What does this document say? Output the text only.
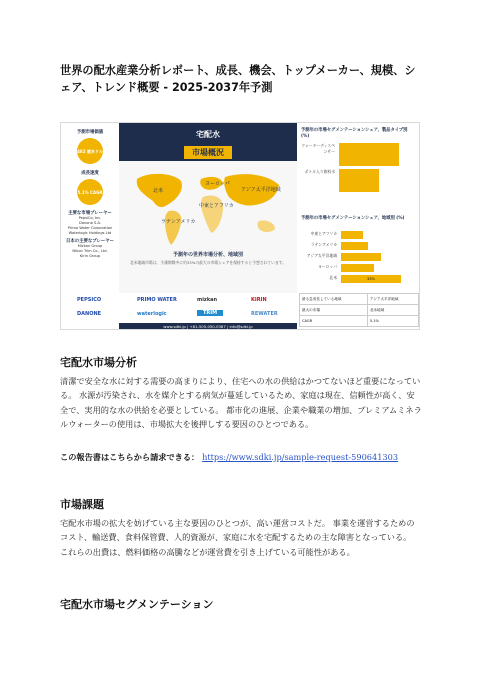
世界の配水産業分析レポート、成長、機会、トップメーカー、規模、シェア、トレンド概要 - 2025-2037年予測
予測市場価値
482 億米ドル
成長速度
5.1% CAGR
主要な市場プレーヤー
PepsiCo, Inc.
Danone S.A.
Primo Water Corporation
Waterlogic Holdings Ltd
日本の主要なプレーヤー
Mizkan Group
Nihon Trim Co., Ltd.
Kirin Group
宅配水
市場概況
北米
ヨーロッパ
アジア太平洋地域
中東とアフリカ
ラテンアメリカ
予測年の世界市場分析、地域別
北米地域市場は、予測期間中に約33%の最大の市場シェアを保持すると予想されています。
予測年の市場セグメンテーションシェア、製品タイプ別 (%)
ウォーターディスペンサー
ボトル入り飲料水
予測年の市場セグメンテーションシェア、地域別 (%)
中東とアフリカ
ラテンアメリカ
アジア太平洋地域
ヨーロッパ
北米	33%
PEPSICO	PRIMO WATER	mizkan	KIRIN
DANONE	waterlogic	TRIM	REWATER
www.sdki.jp | +81-505-050-0387 | info@sdki.jp
最も急成長している地域	アジア太平洋地域
最大の市場	北米地域
CAGR	5.1%
宅配水市場分析
清潔で安全な水に対する需要の高まりにより、住宅への水の供給はかつてないほど重要になっている。 水源が汚染され、水を媒介とする病気が蔓延しているため、家庭は現在、信頼性が高く、安全で、実用的な水の供給を必要としている。 都市化の進展、企業や職業の増加、プレミアムミネラルウォーターの使用は、市場拡大を後押しする要因のひとつである。
この報告書はこちらから請求できる： https://www.sdki.jp/sample-request-590641303
市場課題
宅配水市場の拡大を妨げている主な要因のひとつが、高い運営コストだ。 事業を運営するためのコスト、輸送費、食料保管費、人的資源が、家庭に水を宅配するための主な障害となっている。 これらの出費は、燃料価格の高騰などが運営費を引き上げている可能性がある。
宅配水市場セグメンテーション
